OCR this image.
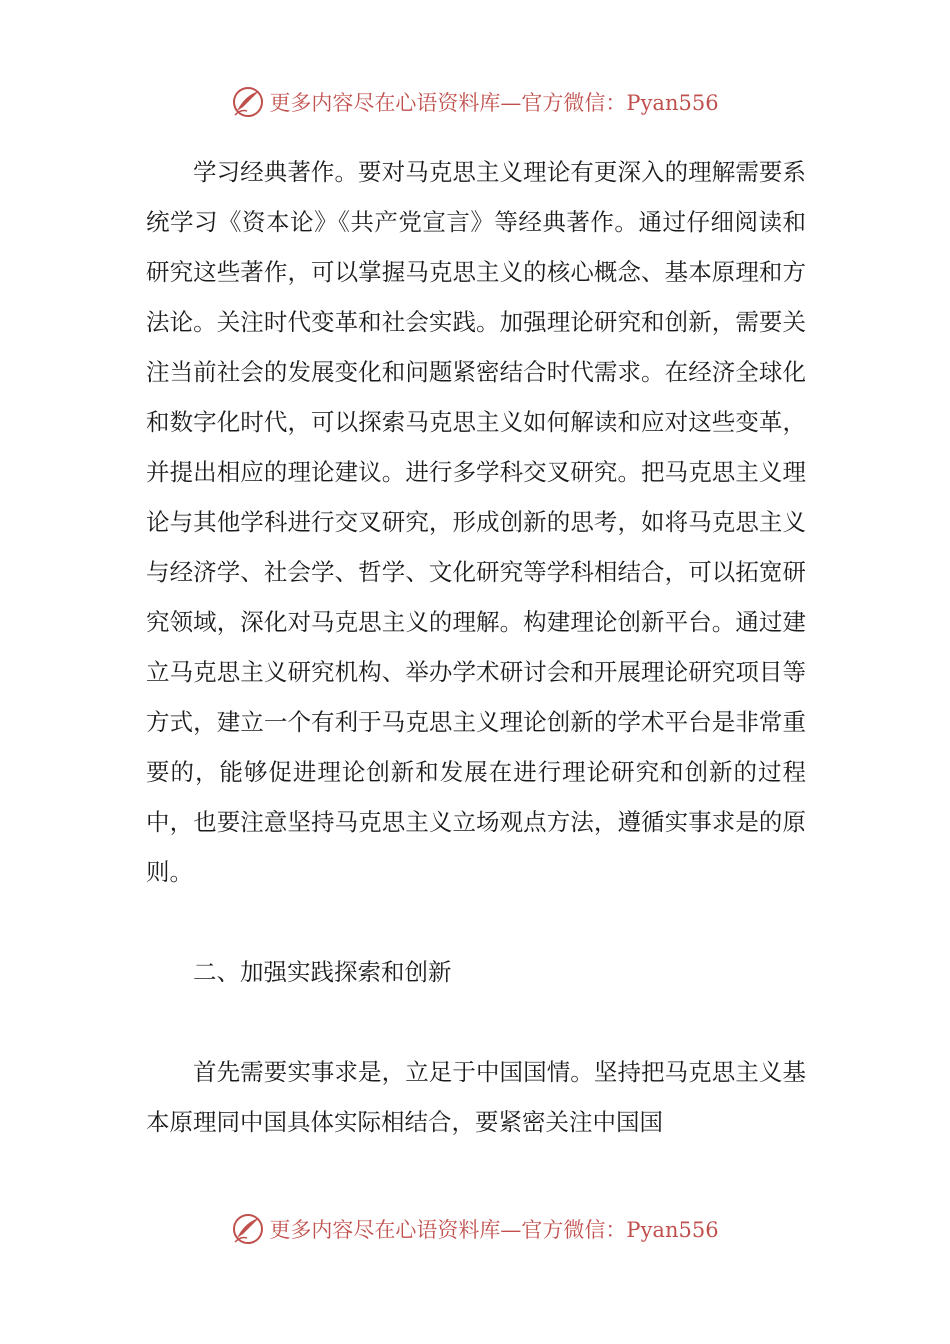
更多内容尽在心语资料库—官方微信：Pyan556

学习经典著作。要对马克思主义理论有更深入的理解需要系统学习《资本论》《共产党宣言》等经典著作。通过仔细阅读和研究这些著作，可以掌握马克思主义的核心概念、基本原理和方法论。关注时代变革和社会实践。加强理论研究和创新，需要关注当前社会的发展变化和问题紧密结合时代需求。在经济全球化和数字化时代，可以探索马克思主义如何解读和应对这些变革，并提出相应的理论建议。进行多学科交叉研究。把马克思主义理论与其他学科进行交叉研究，形成创新的思考，如将马克思主义与经济学、社会学、哲学、文化研究等学科相结合，可以拓宽研究领域，深化对马克思主义的理解。构建理论创新平台。通过建立马克思主义研究机构、举办学术研讨会和开展理论研究项目等方式，建立一个有利于马克思主义理论创新的学术平台是非常重要的，能够促进理论创新和发展在进行理论研究和创新的过程中，也要注意坚持马克思主义立场观点方法，遵循实事求是的原则。

二、加强实践探索和创新

首先需要实事求是，立足于中国国情。坚持把马克思主义基本原理同中国具体实际相结合，要紧密关注中国国

更多内容尽在心语资料库—官方微信：Pyan556
